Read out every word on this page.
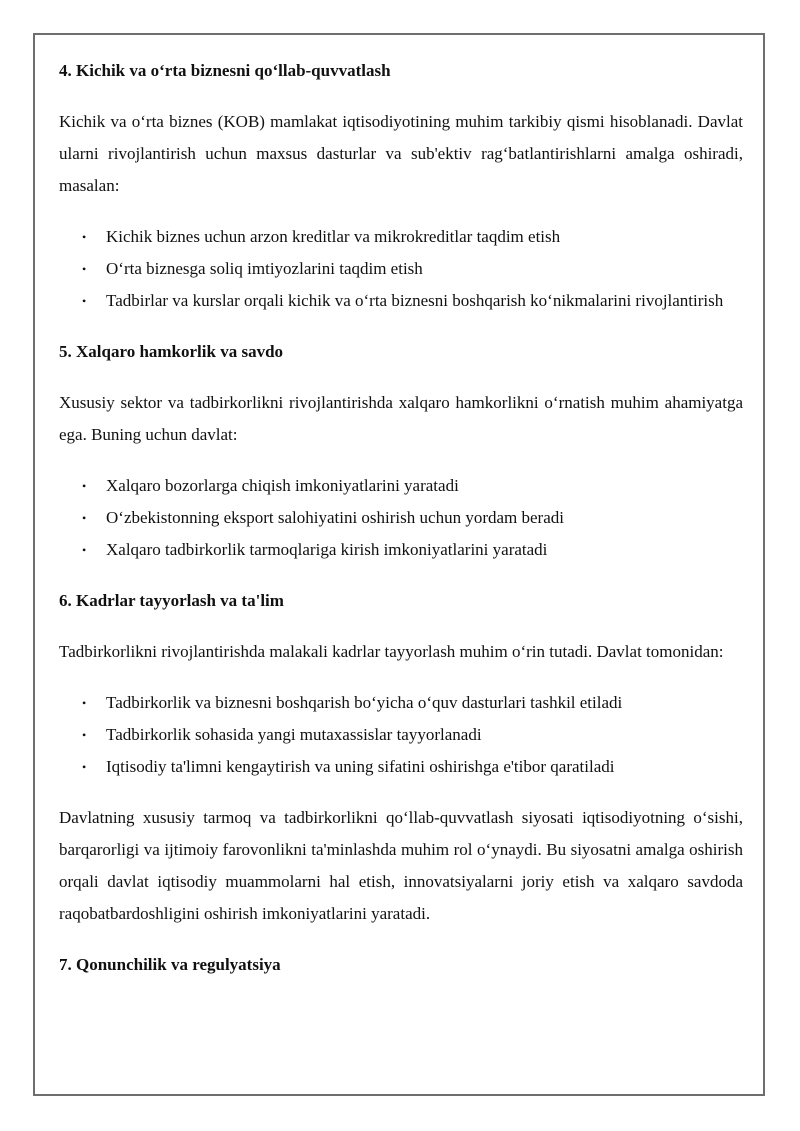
4. Kichik va o‘rta biznesni qo‘llab-quvvatlash

Kichik va o‘rta biznes (KOB) mamlakat iqtisodiyotining muhim tarkibiy qismi hisoblanadi. Davlat ularni rivojlantirish uchun maxsus dasturlar va sub'ektiv rag‘batlantirishlarni amalga oshiradi, masalan:

• Kichik biznes uchun arzon kreditlar va mikrokreditlar taqdim etish
• O‘rta biznesga soliq imtiyozlarini taqdim etish
• Tadbirlar va kurslar orqali kichik va o‘rta biznesni boshqarish ko‘nikmalarini rivojlantirish
5. Xalqaro hamkorlik va savdo

Xususiy sektor va tadbirkorlikni rivojlantirishda xalqaro hamkorlikni o‘rnatish muhim ahamiyatga ega. Buning uchun davlat:

• Xalqaro bozorlarga chiqish imkoniyatlarini yaratadi
• O‘zbekistonning eksport salohiyatini oshirish uchun yordam beradi
• Xalqaro tadbirkorlik tarmoqlariga kirish imkoniyatlarini yaratadi
6. Kadrlar tayyorlash va ta'lim

Tadbirkorlikni rivojlantirishda malakali kadrlar tayyorlash muhim o‘rin tutadi. Davlat tomonidan:

• Tadbirkorlik va biznesni boshqarish bo‘yicha o‘quv dasturlari tashkil etiladi
• Tadbirkorlik sohasida yangi mutaxassislar tayyorlanadi
• Iqtisodiy ta'limni kengaytirish va uning sifatini oshirishga e'tibor qaratiladi

Davlatning xususiy tarmoq va tadbirkorlikni qo‘llab-quvvatlash siyosati iqtisodiyotning o‘sishi, barqarorligi va ijtimoiy farovonlikni ta'minlashda muhim rol o‘ynaydi. Bu siyosatni amalga oshirish orqali davlat iqtisodiy muammolarni hal etish, innovatsiyalarni joriy etish va xalqaro savdoda raqobatbardoshligini oshirish imkoniyatlarini yaratadi.

7. Qonunchilik va regulyatsiya
